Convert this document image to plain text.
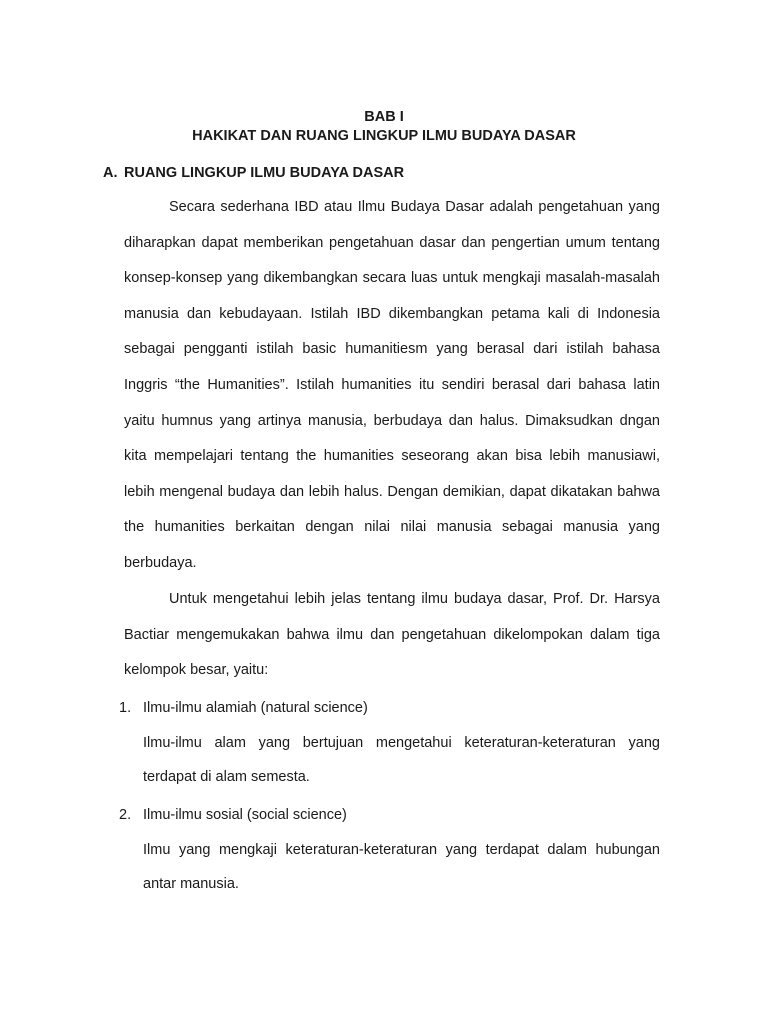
BAB I
HAKIKAT DAN RUANG LINGKUP ILMU BUDAYA DASAR
A. RUANG LINGKUP ILMU BUDAYA DASAR

Secara sederhana IBD atau Ilmu Budaya Dasar adalah pengetahuan yang diharapkan dapat memberikan pengetahuan dasar dan pengertian umum tentang konsep-konsep yang dikembangkan secara luas untuk mengkaji masalah-masalah manusia dan kebudayaan. Istilah IBD dikembangkan petama kali di Indonesia sebagai pengganti istilah basic humanitiesm yang berasal dari istilah bahasa Inggris “the Humanities”. Istilah humanities itu sendiri berasal dari bahasa latin yaitu humnus yang artinya manusia, berbudaya dan halus. Dimaksudkan dngan kita mempelajari tentang the humanities seseorang akan bisa lebih manusiawi, lebih mengenal budaya dan lebih halus. Dengan demikian, dapat dikatakan bahwa the humanities berkaitan dengan nilai nilai manusia sebagai manusia yang berbudaya.

Untuk mengetahui lebih jelas tentang ilmu budaya dasar, Prof. Dr. Harsya Bactiar mengemukakan bahwa ilmu dan pengetahuan dikelompokan dalam tiga kelompok besar, yaitu:

1. Ilmu-ilmu alamiah (natural science)

Ilmu-ilmu alam yang bertujuan mengetahui keteraturan-keteraturan yang terdapat di alam semesta.

2. Ilmu-ilmu sosial (social science)

Ilmu yang mengkaji keteraturan-keteraturan yang terdapat dalam hubungan antar manusia.
